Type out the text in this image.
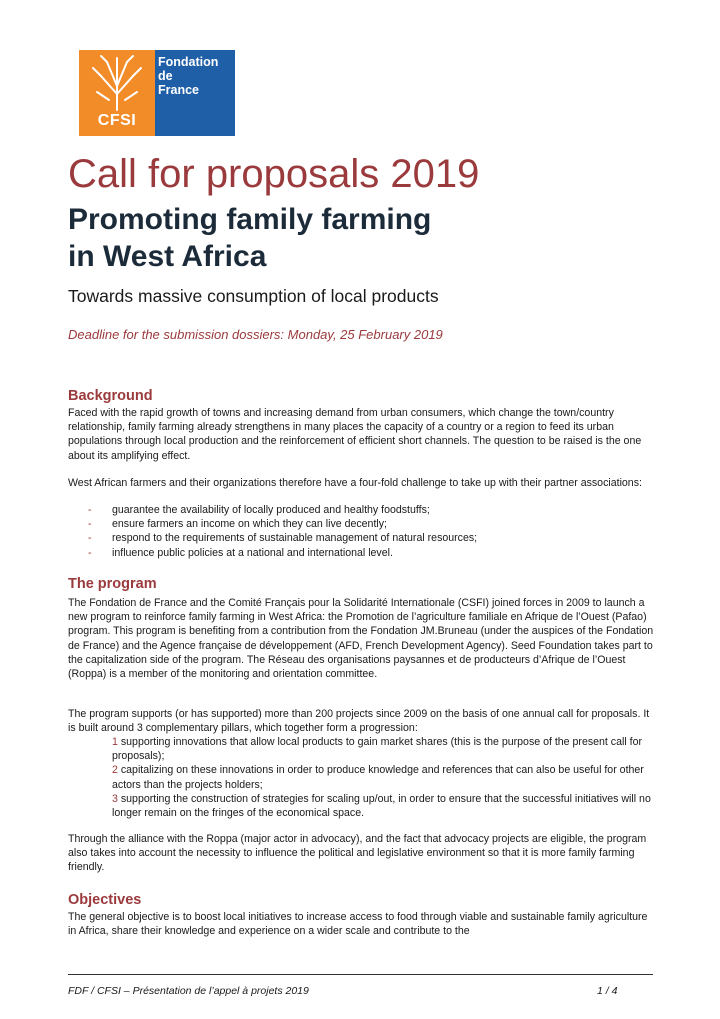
CFSI
Fondation
de
France
Call for proposals 2019
Promoting family farming
in West Africa
Towards massive consumption of local products
Deadline for the submission dossiers: Monday, 25 February 2019
Background

Faced with the rapid growth of towns and increasing demand from urban consumers, which change the town/country relationship, family farming already strengthens in many places the capacity of a country or a region to feed its urban populations through local production and the reinforcement of efficient short channels. The question to be raised is the one about its amplifying effect.

West African farmers and their organizations therefore have a four-fold challenge to take up with their partner associations:

- guarantee the availability of locally produced and healthy foodstuffs;
- ensure farmers an income on which they can live decently;
- respond to the requirements of sustainable management of natural resources;
- influence public policies at a national and international level.
The program

The Fondation de France and the Comité Français pour la Solidarité Internationale (CSFI) joined forces in 2009 to launch a new program to reinforce family farming in West Africa: the Promotion de l’agriculture familiale en Afrique de l’Ouest (Pafao) program. This program is benefiting from a contribution from the Fondation JM.Bruneau (under the auspices of the Fondation de France) and the Agence française de développement (AFD, French Development Agency). Seed Foundation takes part to the capitalization side of the program. The Réseau des organisations paysannes et de producteurs d’Afrique de l’Ouest (Roppa) is a member of the monitoring and orientation committee.

The program supports (or has supported) more than 200 projects since 2009 on the basis of one annual call for proposals. It is built around 3 complementary pillars, which together form a progression:

1 supporting innovations that allow local products to gain market shares (this is the purpose of the present call for proposals);
2 capitalizing on these innovations in order to produce knowledge and references that can also be useful for other actors than the projects holders;
3 supporting the construction of strategies for scaling up/out, in order to ensure that the successful initiatives will no longer remain on the fringes of the economical space.

Through the alliance with the Roppa (major actor in advocacy), and the fact that advocacy projects are eligible, the program also takes into account the necessity to influence the political and legislative environment so that it is more family farming friendly.

Objectives

The general objective is to boost local initiatives to increase access to food through viable and sustainable family agriculture in Africa, share their knowledge and experience on a wider scale and contribute to the

FDF / CFSI – Présentation de l’appel à projets 2019	1 / 4
